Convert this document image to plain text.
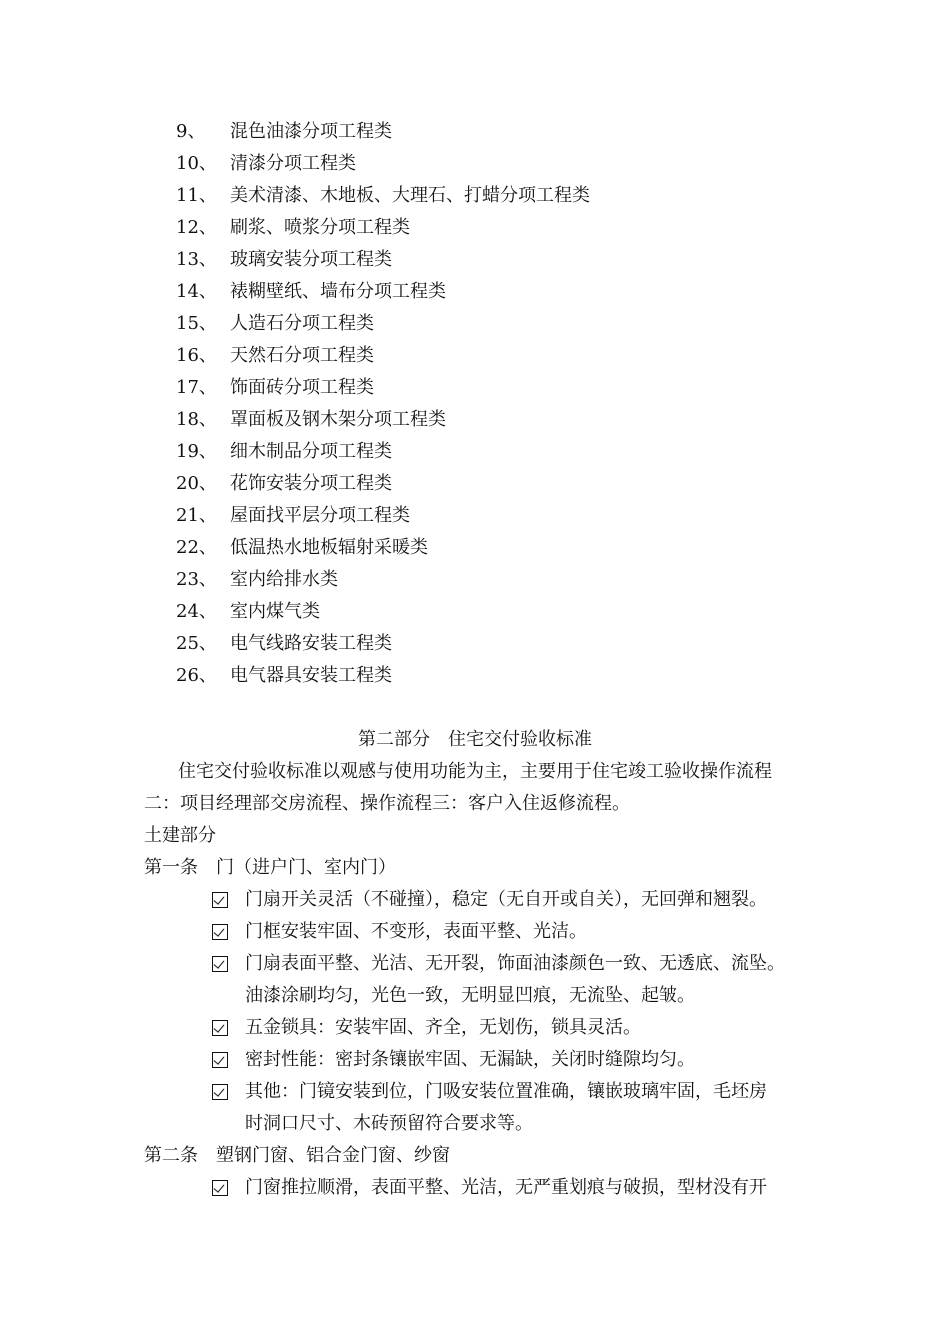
9、	混色油漆分项工程类
10、 清漆分项工程类
11、 美术清漆、木地板、大理石、打蜡分项工程类
12、 刷浆、喷浆分项工程类
13、 玻璃安装分项工程类
14、 裱糊壁纸、墙布分项工程类
15、 人造石分项工程类
16、 天然石分项工程类
17、 饰面砖分项工程类
18、 罩面板及钢木架分项工程类
19、 细木制品分项工程类
20、 花饰安装分项工程类
21、 屋面找平层分项工程类
22、 低温热水地板辐射采暖类
23、 室内给排水类
24、 室内煤气类
25、 电气线路安装工程类
26、 电气器具安装工程类
第二部分　住宅交付验收标准
住宅交付验收标准以观感与使用功能为主，主要用于住宅竣工验收操作流程
二：项目经理部交房流程、操作流程三：客户入住返修流程。
土建部分
第一条　门（进户门、室内门）
门扇开关灵活（不碰撞），稳定（无自开或自关），无回弹和翘裂。
门框安装牢固、不变形，表面平整、光洁。
门扇表面平整、光洁、无开裂，饰面油漆颜色一致、无透底、流坠。
油漆涂刷均匀，光色一致，无明显凹痕，无流坠、起皱。
五金锁具：安装牢固、齐全，无划伤，锁具灵活。
密封性能：密封条镶嵌牢固、无漏缺，关闭时缝隙均匀。
其他：门镜安装到位，门吸安装位置准确，镶嵌玻璃牢固，毛坯房
时洞口尺寸、木砖预留符合要求等。
第二条　塑钢门窗、铝合金门窗、纱窗
门窗推拉顺滑，表面平整、光洁，无严重划痕与破损，型材没有开
